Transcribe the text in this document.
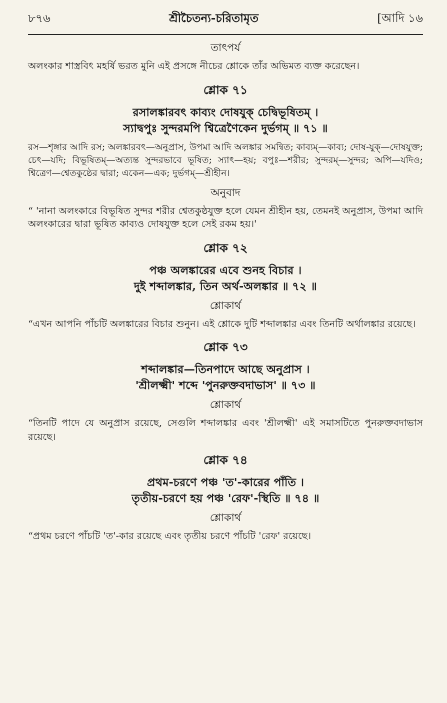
৮৭৬	শ্রীচৈতন্য-চরিতামৃত	[আদি ১৬
তাৎপর্য
অলংকার শাস্ত্রবিৎ মহর্ষি ভরত মুনি এই প্রসঙ্গে নীচের শ্লোকে তাঁর অভিমত ব্যক্ত করেছেন।
শ্লোক ৭১
রসালঙ্কারবৎ কাব্যং দোষযুক্ চেদ্বিভূষিতম্ ।
স্যাদ্বপুঃ সুন্দরমপি শ্বিত্রেণৈকেন দুর্ভগম্ ॥ ৭১ ॥
রস—শৃঙ্গার আদি রস; অলঙ্কারবৎ—অনুপ্রাস, উপমা আদি অলঙ্কার সমন্বিত; কাব্যম্—কাব্য; দোষ-যুক্—দোষযুক্ত; চেৎ—যদি; বিভূষিতম্—অত্যন্ত সুন্দরভাবে ভূষিত; স্যাৎ—হয়; বপুঃ—শরীর; সুন্দরম্—সুন্দর; অপি—যদিও; শ্বিত্রেণ—শ্বেতকুষ্ঠের দ্বারা; একেন—এক; দুর্ভগম্—শ্রীহীন।
অনুবাদ
“ 'নানা অলংকারে বিভূষিত সুন্দর শরীর শ্বেতকুষ্ঠযুক্ত হলে যেমন শ্রীহীন হয়, তেমনই অনুপ্রাস, উপমা আদি অলংকারের দ্বারা ভূষিত কাব্যও দোষযুক্ত হলে সেই রকম হয়।'
শ্লোক ৭২
পঞ্চ অলঙ্কারের এবে শুনহ বিচার ।
দুই শব্দালঙ্কার, তিন অর্থ-অলঙ্কার ॥ ৭২ ॥
শ্লোকার্থ
“এখন আপনি পাঁচটি অলঙ্কারের বিচার শুনুন। এই শ্লোকে দুটি শব্দালঙ্কার এবং তিনটি অর্থালঙ্কার রয়েছে।
শ্লোক ৭৩
শব্দালঙ্কার—তিনপাদে আছে অনুপ্রাস ।
'শ্রীলক্ষ্মী' শব্দে 'পুনরুক্তবদাভাস' ॥ ৭৩ ॥
শ্লোকার্থ
“তিনটি পাদে যে অনুপ্রাস রয়েছে, সেগুলি শব্দালঙ্কার এবং 'শ্রীলক্ষ্মী' এই সমাসটিতে পুনরুক্তবদাভাস রয়েছে।
শ্লোক ৭৪
প্রথম-চরণে পঞ্চ 'ত'-কারের পাঁতি ।
তৃতীয়-চরণে হয় পঞ্চ 'রেফ'-স্থিতি ॥ ৭৪ ॥
শ্লোকার্থ
“প্রথম চরণে পাঁচটি 'ত'-কার রয়েছে এবং তৃতীয় চরণে পাঁচটি 'রেফ' রয়েছে।
